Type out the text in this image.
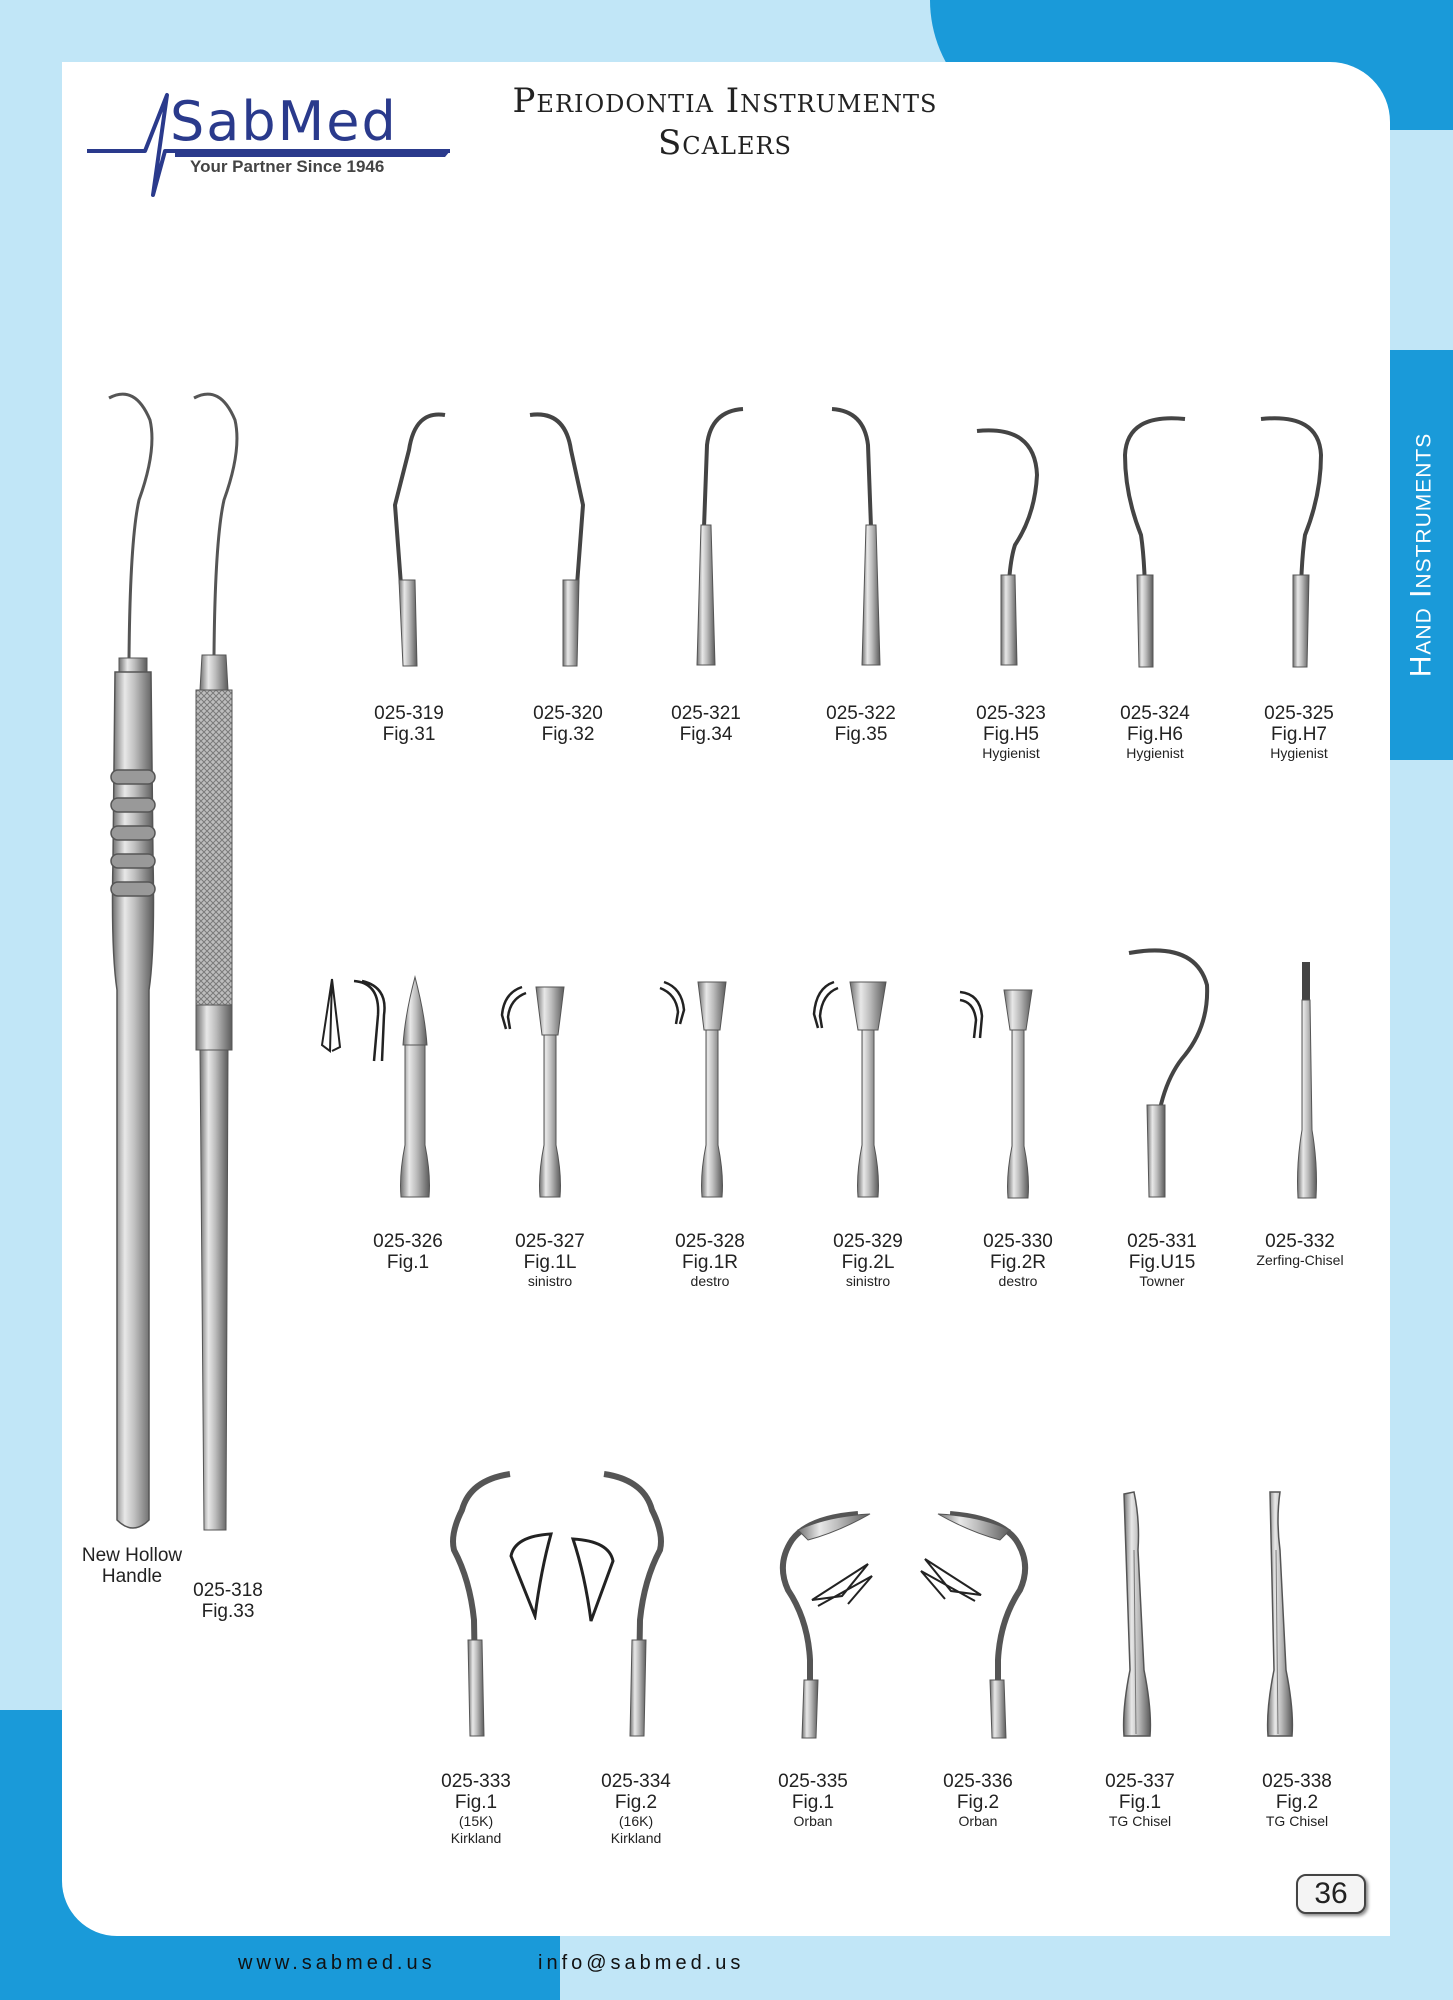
Hand Instruments
SabMed
Your Partner Since 1946
Periodontia Instruments
Scalers
New Hollow
Handle
025-318
Fig.33
025-319
Fig.31
025-320
Fig.32
025-321
Fig.34
025-322
Fig.35
025-323
Fig.H5
Hygienist
025-324
Fig.H6
Hygienist
025-325
Fig.H7
Hygienist
025-326
Fig.1
025-327
Fig.1L
sinistro
025-328
Fig.1R
destro
025-329
Fig.2L
sinistro
025-330
Fig.2R
destro
025-331
Fig.U15
Towner
025-332
Zerfing-Chisel
025-333
Fig.1
(15K)
Kirkland
025-334
Fig.2
(16K)
Kirkland
025-335
Fig.1
Orban
025-336
Fig.2
Orban
025-337
Fig.1
TG Chisel
025-338
Fig.2
TG Chisel
36
www.sabmed.us	info@sabmed.us
